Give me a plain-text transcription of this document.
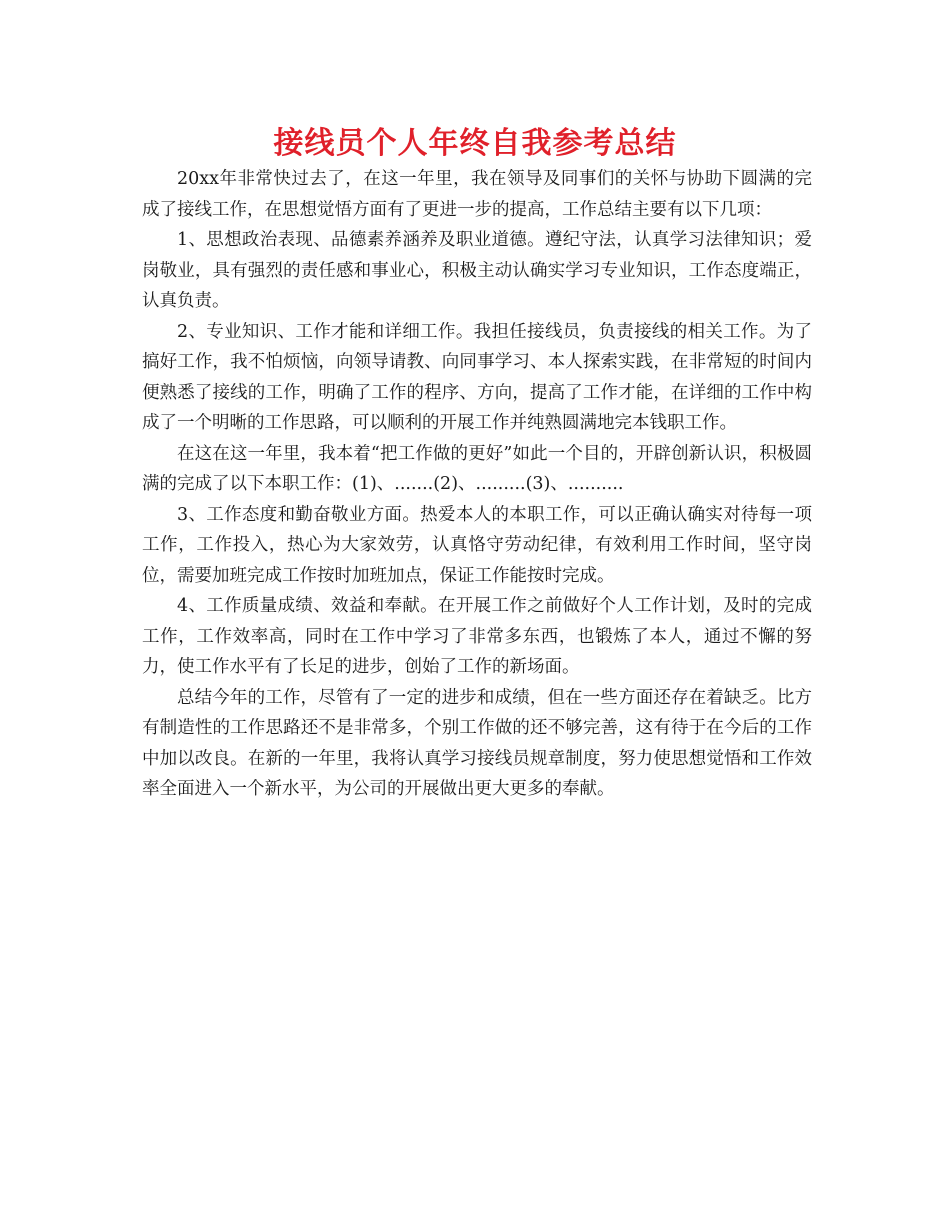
接线员个人年终自我参考总结

20xx年非常快过去了，在这一年里，我在领导及同事们的关怀与协助下圆满的完成了接线工作，在思想觉悟方面有了更进一步的提高，工作总结主要有以下几项：

1、思想政治表现、品德素养涵养及职业道德。遵纪守法，认真学习法律知识；爱岗敬业，具有强烈的责任感和事业心，积极主动认确实学习专业知识，工作态度端正，认真负责。

2、专业知识、工作才能和详细工作。我担任接线员，负责接线的相关工作。为了搞好工作，我不怕烦恼，向领导请教、向同事学习、本人探索实践，在非常短的时间内便熟悉了接线的工作，明确了工作的程序、方向，提高了工作才能，在详细的工作中构成了一个明晰的工作思路，可以顺利的开展工作并纯熟圆满地完本钱职工作。

在这在这一年里，我本着“把工作做的更好”如此一个目的，开辟创新认识，积极圆满的完成了以下本职工作：(1)、.......(2)、.........(3)、..........

3、工作态度和勤奋敬业方面。热爱本人的本职工作，可以正确认确实对待每一项工作，工作投入，热心为大家效劳，认真恪守劳动纪律，有效利用工作时间，坚守岗位，需要加班完成工作按时加班加点，保证工作能按时完成。

4、工作质量成绩、效益和奉献。在开展工作之前做好个人工作计划，及时的完成工作，工作效率高，同时在工作中学习了非常多东西，也锻炼了本人，通过不懈的努力，使工作水平有了长足的进步，创始了工作的新场面。

总结今年的工作，尽管有了一定的进步和成绩，但在一些方面还存在着缺乏。比方有制造性的工作思路还不是非常多，个别工作做的还不够完善，这有待于在今后的工作中加以改良。在新的一年里，我将认真学习接线员规章制度，努力使思想觉悟和工作效率全面进入一个新水平，为公司的开展做出更大更多的奉献。
